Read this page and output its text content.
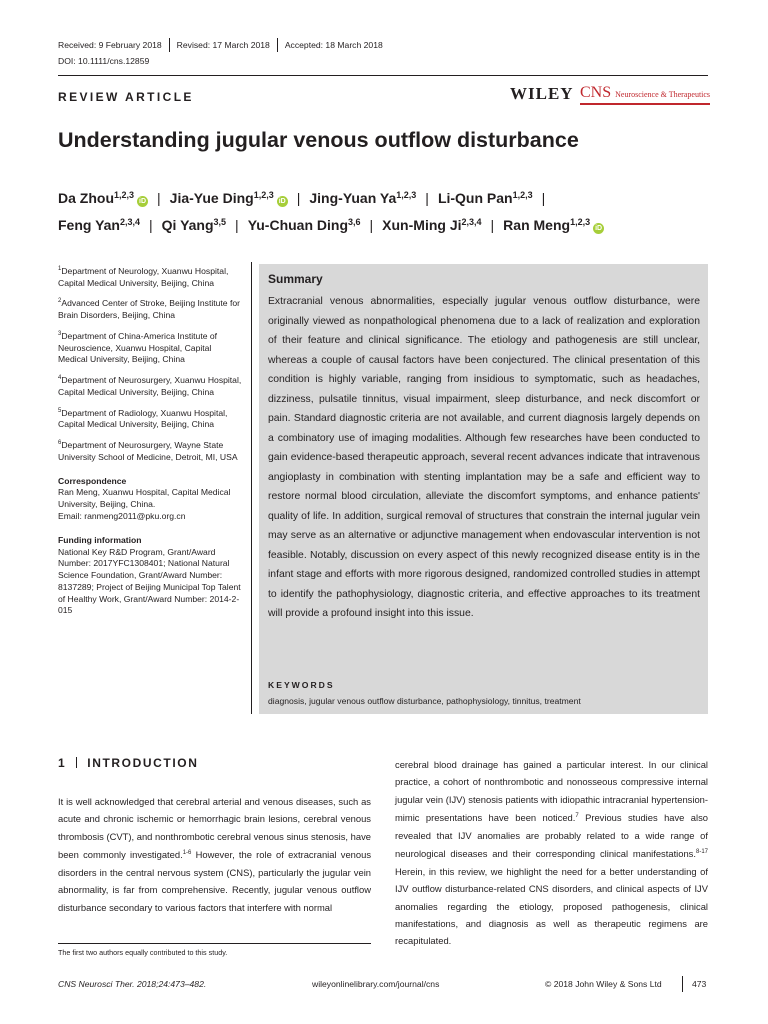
Received: 9 February 2018 Revised: 17 March 2018 Accepted: 18 March 2018
DOI: 10.1111/cns.12859
REVIEW ARTICLE	WILEY CNS Neuroscience & Therapeutics
Understanding jugular venous outflow disturbance
Da Zhou$^{1,2,3}$iD | Jia-Yue Ding$^{1,2,3}$iD | Jing-Yuan Ya$^{1,2,3}$ | Li-Qun Pan$^{1,2,3}$ |
Feng Yan$^{2,3,4}$ | Qi Yang$^{3,5}$ | Yu-Chuan Ding$^{3,6}$ | Xun-Ming Ji$^{2,3,4}$ | Ran Meng$^{1,2,3}$iD

$^1$Department of Neurology, Xuanwu Hospital, Capital Medical University, Beijing, China

$^2$Advanced Center of Stroke, Beijing Institute for Brain Disorders, Beijing, China

$^3$Department of China-America Institute of Neuroscience, Xuanwu Hospital, Capital Medical University, Beijing, China

$^4$Department of Neurosurgery, Xuanwu Hospital, Capital Medical University, Beijing, China

$^5$Department of Radiology, Xuanwu Hospital, Capital Medical University, Beijing, China

$^6$Department of Neurosurgery, Wayne State University School of Medicine, Detroit, MI, USA

Correspondence
Ran Meng, Xuanwu Hospital, Capital Medical University, Beijing, China.
Email: ranmeng2011@pku.org.cn

Funding information
National Key R&D Program, Grant/Award Number: 2017YFC1308401; National Natural Science Foundation, Grant/Award Number: 8137289; Project of Beijing Municipal Top Talent of Healthy Work, Grant/Award Number: 2014-2-015

Summary
Extracranial venous abnormalities, especially jugular venous outflow disturbance, were originally viewed as nonpathological phenomena due to a lack of realization and exploration of their feature and clinical significance. The etiology and pathogenesis are still unclear, whereas a couple of causal factors have been conjectured. The clinical presentation of this condition is highly variable, ranging from insidious to symptomatic, such as headaches, dizziness, pulsatile tinnitus, visual impairment, sleep disturbance, and neck discomfort or pain. Standard diagnostic criteria are not available, and current diagnosis largely depends on a combinatory use of imaging modalities. Although few researches have been conducted to gain evidence-based therapeutic approach, several recent advances indicate that intravenous angioplasty in combination with stenting implantation may be a safe and efficient way to restore normal blood circulation, alleviate the discomfort symptoms, and enhance patients' quality of life. In addition, surgical removal of structures that constrain the internal jugular vein may serve as an alternative or adjunctive management when endovascular intervention is not feasible. Notably, discussion on every aspect of this newly recognized disease entity is in the infant stage and efforts with more rigorous designed, randomized controlled studies in attempt to identify the pathophysiology, diagnostic criteria, and effective approaches to its treatment will provide a profound insight into this issue.
KEYWORDS
diagnosis, jugular venous outflow disturbance, pathophysiology, tinnitus, treatment
1 INTRODUCTION
It is well acknowledged that cerebral arterial and venous diseases, such as acute and chronic ischemic or hemorrhagic brain lesions, cerebral venous thrombosis (CVT), and nonthrombotic cerebral venous sinus stenosis, have been commonly investigated.$^{1-6}$ However, the role of extracranial venous disorders in the central nervous system (CNS), particularly the jugular vein abnormality, is far from comprehensive. Recently, jugular venous outflow disturbance secondary to various factors that interfere with normal
cerebral blood drainage has gained a particular interest. In our clinical practice, a cohort of nonthrombotic and nonosseous compressive internal jugular vein (IJV) stenosis patients with idiopathic intracranial hypertension-mimic presentations have been noticed.$^7$ Previous studies have also revealed that IJV anomalies are probably related to a wide range of neurological diseases and their corresponding clinical manifestations.$^{8-17}$ Herein, in this review, we highlight the need for a better understanding of IJV outflow disturbance-related CNS disorders, and clinical aspects of IJV anomalies regarding the etiology, proposed pathogenesis, clinical manifestations, and diagnosis as well as therapeutic regimens are recapitulated.
The first two authors equally contributed to this study.
CNS Neurosci Ther. 2018;24:473–482.	wileyonlinelibrary.com/journal/cns	© 2018 John Wiley & Sons Ltd	473
